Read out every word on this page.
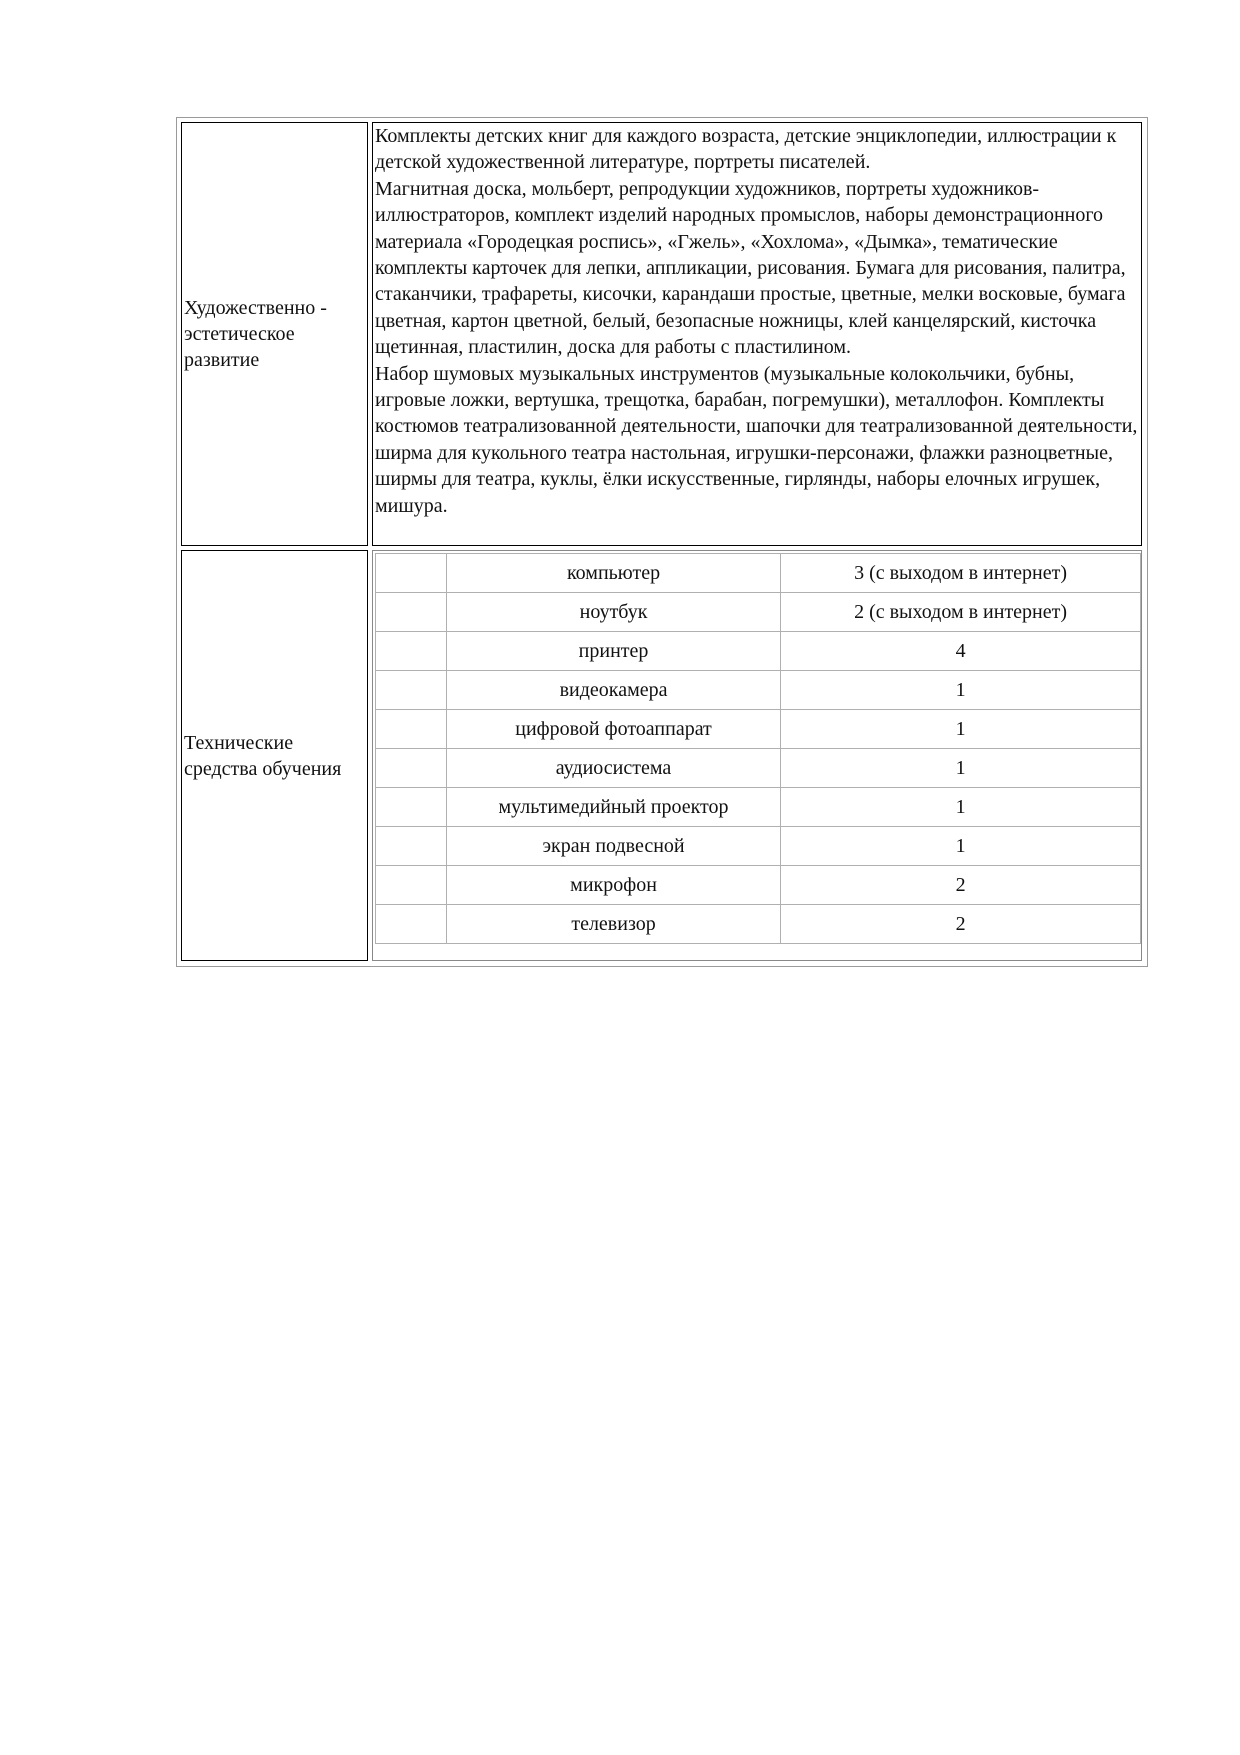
Художественно - эстетическое развитие

Комплекты детских книг для каждого возраста, детские энциклопедии, иллюстрации к детской художественной литературе, портреты писателей.

Магнитная доска, мольберт, репродукции художников, портреты художников-иллюстраторов, комплект изделий народных промыслов, наборы демонстрационного материала «Городецкая роспись», «Гжель», «Хохлома», «Дымка», тематические комплекты карточек для лепки, аппликации, рисования. Бумага для рисования, палитра, стаканчики, трафареты, кисочки, карандаши простые, цветные, мелки восковые, бумага цветная, картон цветной, белый, безопасные ножницы, клей канцелярский, кисточка щетинная, пластилин, доска для работы с пластилином.

Набор шумовых музыкальных инструментов (музыкальные колокольчики, бубны, игровые ложки, вертушка, трещотка, барабан, погремушки), металлофон. Комплекты костюмов театрализованной деятельности, шапочки для театрализованной деятельности, ширма для кукольного театра настольная, игрушки-персонажи, флажки разноцветные, ширмы для театра, куклы, ёлки искусственные, гирлянды, наборы елочных игрушек, мишура.

Технические средства обучения
	компьютер	3 (с выходом в интернет)
	ноутбук	2 (с выходом в интернет)
	принтер	4
	видеокамера	1
	цифровой фотоаппарат	1
	аудиосистема	1
	мультимедийный проектор	1
	экран подвесной	1
	микрофон	2
	телевизор	2
